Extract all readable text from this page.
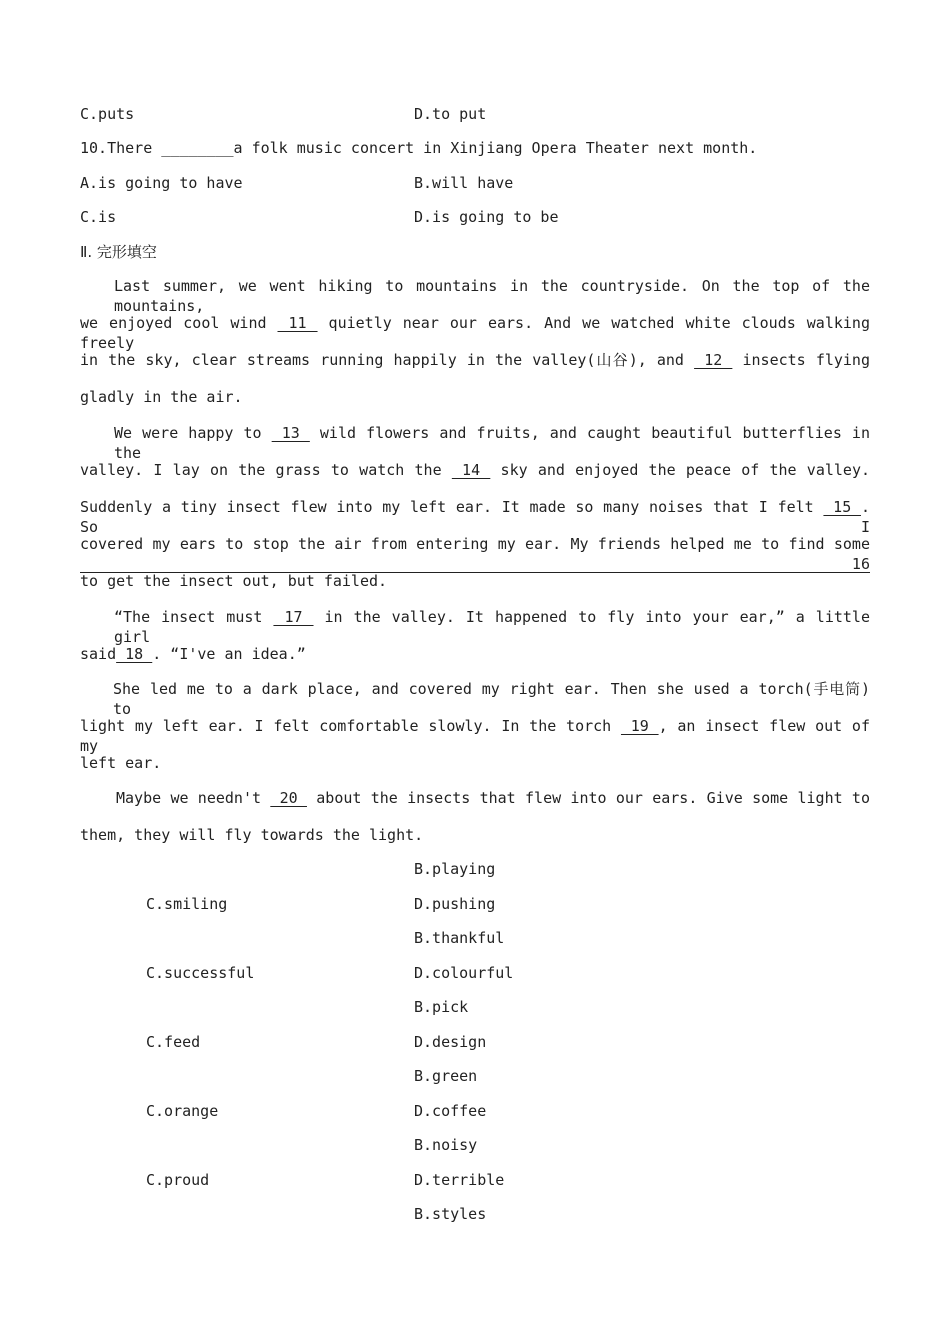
C.puts	D.to put
10.There ________a folk music concert in Xinjiang Opera Theater next month.
A.is going to have	B.will have
C.is	D.is going to be
Ⅱ. 完形填空
Last summer, we went hiking to mountains in the countryside. On the top of the mountains,
we enjoyed cool wind  11  quietly near our ears. And we watched white clouds walking freely
in the sky, clear streams running happily in the valley(山谷), and  12  insects flying
gladly in the air.
We were happy to  13  wild flowers and fruits, and caught beautiful butterflies in the
valley. I lay on the grass to watch the  14  sky and enjoyed the peace of the valley.
Suddenly a tiny insect flew into my left ear. It made so many noises that I felt  15 . So I
covered my ears to stop the air from entering my ear. My friends helped me to find some  16
to get the insect out, but failed.
“The insect must  17  in the valley. It happened to fly into your ear,” a little girl
said 18 . “I've an idea.”
She led me to a dark place, and covered my right ear. Then she used a torch(手电筒) to
light my left ear. I felt comfortable slowly. In the torch  19 , an insect flew out of my
left ear.
Maybe we needn't  20  about the insects that flew into our ears. Give some light to
them, they will fly towards the light.
B.playing
C.smiling	D.pushing
B.thankful
C.successful	D.colourful
B.pick
C.feed	D.design
B.green
C.orange	D.coffee
B.noisy
C.proud	D.terrible
B.styles
